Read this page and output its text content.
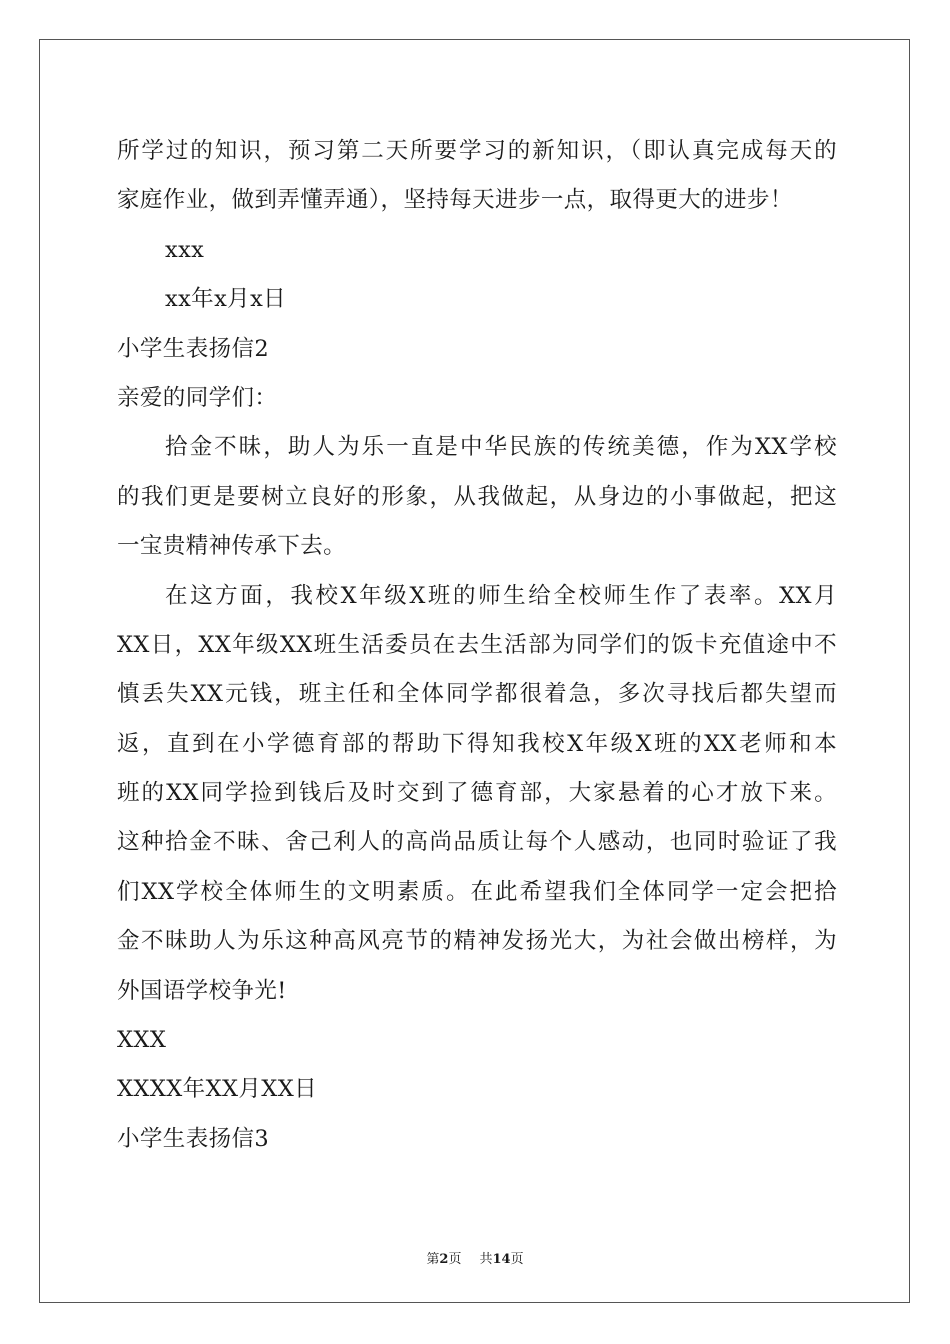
所学过的知识，预习第二天所要学习的新知识，（即认真完成每天的
家庭作业，做到弄懂弄通），坚持每天进步一点，取得更大的进步！
xxx
xx年x月x日
小学生表扬信2
亲爱的同学们：
拾金不昧，助人为乐一直是中华民族的传统美德，作为XX学校
的我们更是要树立良好的形象，从我做起，从身边的小事做起，把这
一宝贵精神传承下去。
在这方面，我校X年级X班的师生给全校师生作了表率。XX月
XX日，XX年级XX班生活委员在去生活部为同学们的饭卡充值途中不
慎丢失XX元钱，班主任和全体同学都很着急，多次寻找后都失望而
返，直到在小学德育部的帮助下得知我校X年级X班的XX老师和本
班的XX同学捡到钱后及时交到了德育部，大家悬着的心才放下来。
这种拾金不昧、舍己利人的高尚品质让每个人感动，也同时验证了我
们XX学校全体师生的文明素质。在此希望我们全体同学一定会把拾
金不昧助人为乐这种高风亮节的精神发扬光大，为社会做出榜样，为
外国语学校争光!
XXX
XXXX年XX月XX日
小学生表扬信3
第2页 共14页
